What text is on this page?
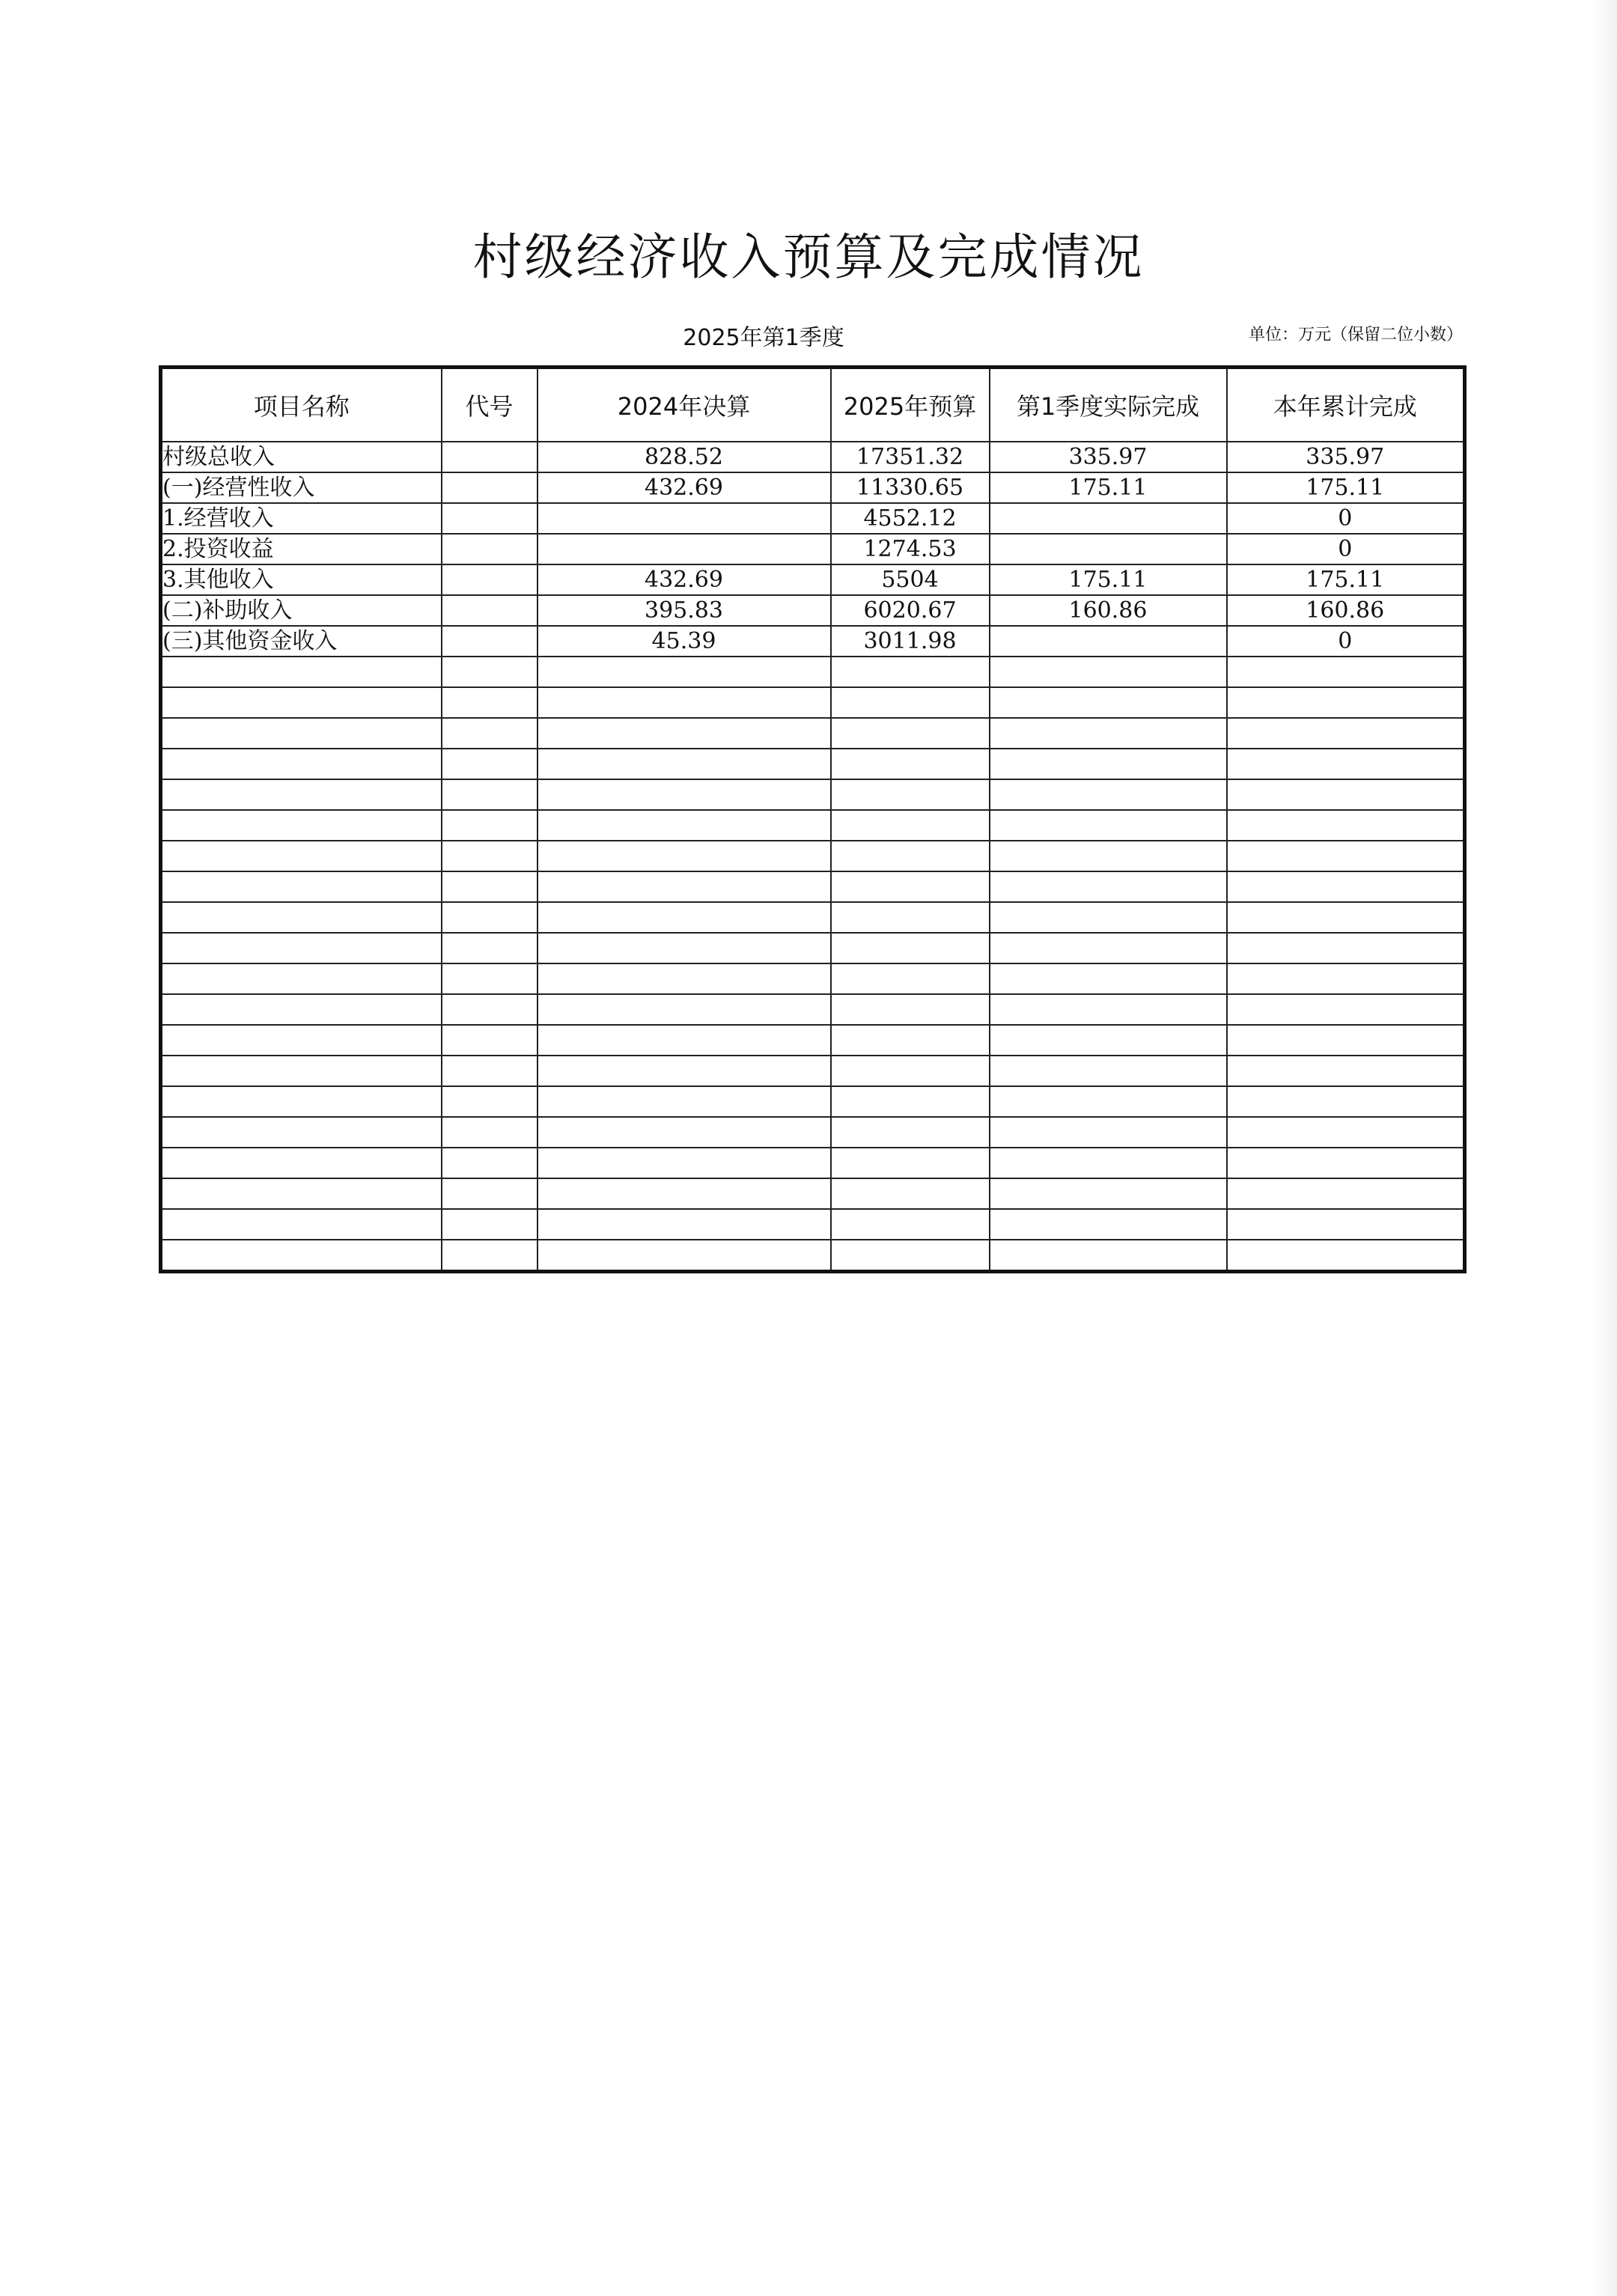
村级经济收入预算及完成情况
2025年第1季度	单位：万元（保留二位小数）
项目名称	代号	2024年决算	2025年预算	第1季度实际完成	本年累计完成
村级总收入		828.52	17351.32	335.97	335.97
(一)经营性收入		432.69	11330.65	175.11	175.11
1.经营收入			4552.12		0
2.投资收益			1274.53		0
3.其他收入		432.69	5504	175.11	175.11
(二)补助收入		395.83	6020.67	160.86	160.86
(三)其他资金收入		45.39	3011.98		0
